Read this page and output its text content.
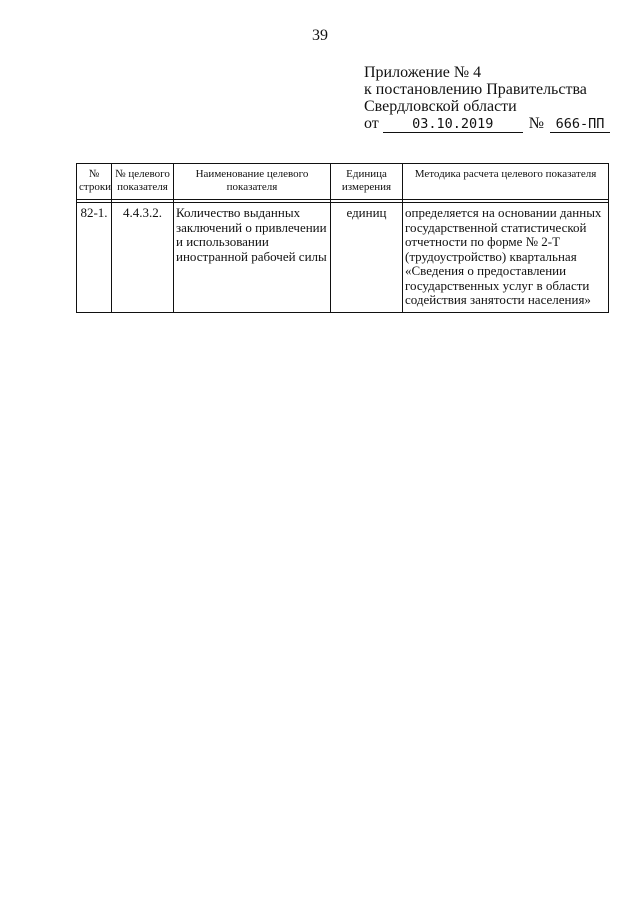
39
Приложение № 4
к постановлению Правительства
Свердловской области
от 03.10.2019 № 666-ПП
№ строки	№ целевого показателя	Наименование целевого показателя	Единица измерения	Методика расчета целевого показателя

82-1.	4.4.3.2.	Количество выданных заключений о привлечении и использовании иностранной рабочей силы	единиц	определяется на основании данных государственной статистической отчетности по форме № 2-Т (трудоустройство) квартальная «Сведения о предоставлении государственных услуг в области содействия занятости населения»
